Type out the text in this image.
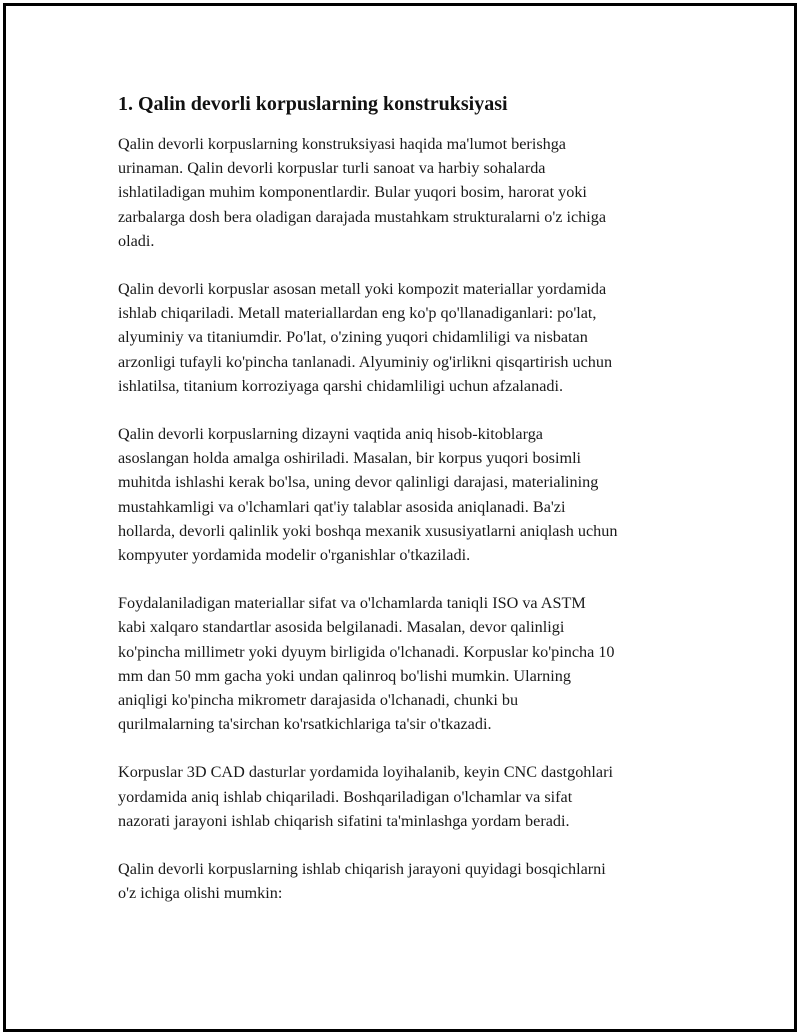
1. Qalin devorli korpuslarning konstruksiyasi

Qalin devorli korpuslarning konstruksiyasi haqida ma'lumot berishga
urinaman. Qalin devorli korpuslar turli sanoat va harbiy sohalarda
ishlatiladigan muhim komponentlardir. Bular yuqori bosim, harorat yoki
zarbalarga dosh bera oladigan darajada mustahkam strukturalarni o'z ichiga
oladi.

Qalin devorli korpuslar asosan metall yoki kompozit materiallar yordamida
ishlab chiqariladi. Metall materiallardan eng ko'p qo'llanadiganlari: po'lat,
alyuminiy va titaniumdir. Po'lat, o'zining yuqori chidamliligi va nisbatan
arzonligi tufayli ko'pincha tanlanadi. Alyuminiy og'irlikni qisqartirish uchun
ishlatilsa, titanium korroziyaga qarshi chidamliligi uchun afzalanadi.

Qalin devorli korpuslarning dizayni vaqtida aniq hisob-kitoblarga
asoslangan holda amalga oshiriladi. Masalan, bir korpus yuqori bosimli
muhitda ishlashi kerak bo'lsa, uning devor qalinligi darajasi, materialining
mustahkamligi va o'lchamlari qat'iy talablar asosida aniqlanadi. Ba'zi
hollarda, devorli qalinlik yoki boshqa mexanik xususiyatlarni aniqlash uchun
kompyuter yordamida modelir o'rganishlar o'tkaziladi.

Foydalaniladigan materiallar sifat va o'lchamlarda taniqli ISO va ASTM
kabi xalqaro standartlar asosida belgilanadi. Masalan, devor qalinligi
ko'pincha millimetr yoki dyuym birligida o'lchanadi. Korpuslar ko'pincha 10
mm dan 50 mm gacha yoki undan qalinroq bo'lishi mumkin. Ularning
aniqligi ko'pincha mikrometr darajasida o'lchanadi, chunki bu
qurilmalarning ta'sirchan ko'rsatkichlariga ta'sir o'tkazadi.

Korpuslar 3D CAD dasturlar yordamida loyihalanib, keyin CNC dastgohlari
yordamida aniq ishlab chiqariladi. Boshqariladigan o'lchamlar va sifat
nazorati jarayoni ishlab chiqarish sifatini ta'minlashga yordam beradi.

Qalin devorli korpuslarning ishlab chiqarish jarayoni quyidagi bosqichlarni
o'z ichiga olishi mumkin:
